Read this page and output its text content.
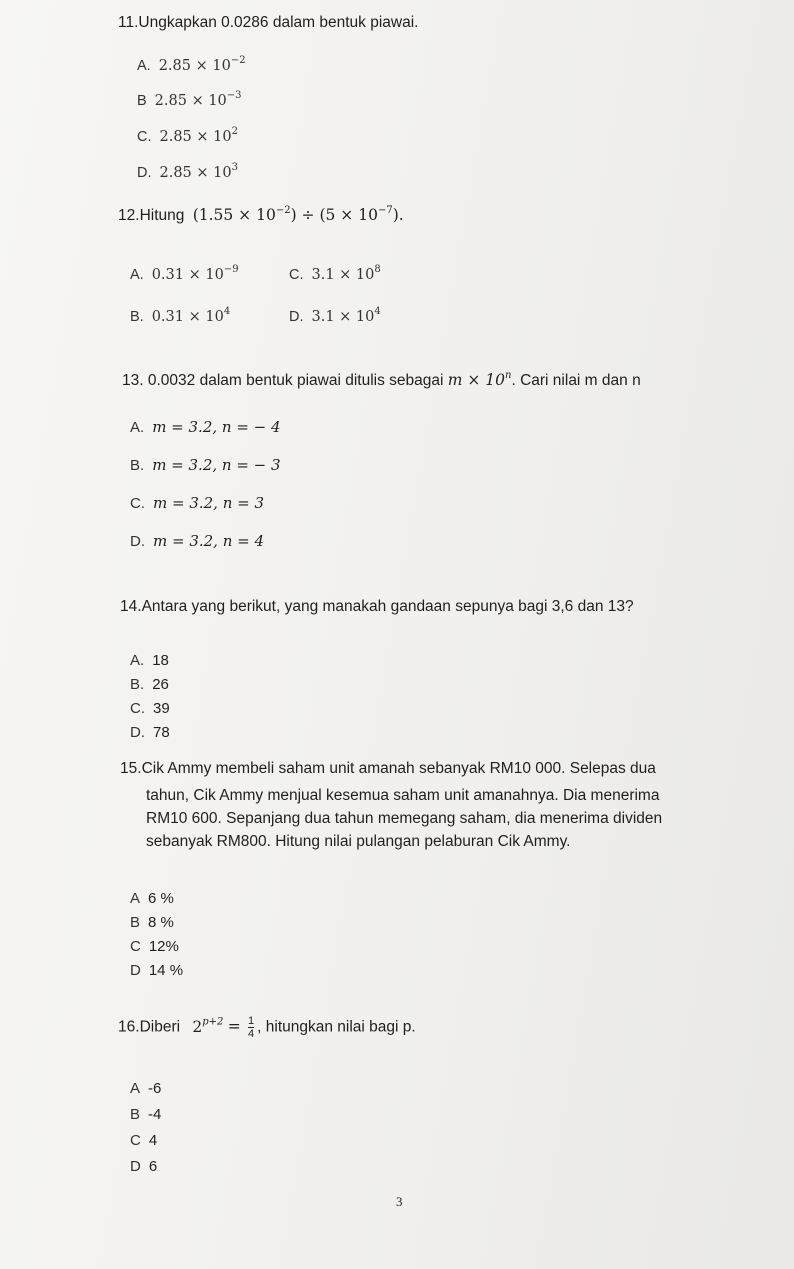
11.Ungkapkan 0.0286 dalam bentuk piawai.
A. $2.85 \times 10^{-2}$
B $2.85 \times 10^{-3}$
C. $2.85 \times 10^2$
D. $2.85 \times 10^3$
12.Hitung $(1.55 \times 10^{-2}) \div (5 \times 10^{-7})$.
A. $0.31 \times 10^{-9}$	C. $3.1 \times 10^8$
B. $0.31 \times 10^4$	D. $3.1 \times 10^4$
13. 0.0032 dalam bentuk piawai ditulis sebagai $m \times 10^n$. Cari nilai m dan n
A. m = 3.2, n = − 4
B. m = 3.2, n = − 3
C. m = 3.2, n = 3
D. m = 3.2, n = 4
14.Antara yang berikut, yang manakah gandaan sepunya bagi 3,6 dan 13?
A. 18
B. 26
C. 39
D. 78
15.Cik Ammy membeli saham unit amanah sebanyak RM10 000. Selepas dua
tahun, Cik Ammy menjual kesemua saham unit amanahnya. Dia menerima
RM10 600. Sepanjang dua tahun memegang saham, dia menerima dividen
sebanyak RM800. Hitung nilai pulangan pelaburan Cik Ammy.
A 6 %
B 8 %
C 12%
D 14 %
16.Diberi $2^{p+2} = \frac{1}{4}$ , hitungkan nilai bagi p.
A -6
B -4
C 4
D 6
3
